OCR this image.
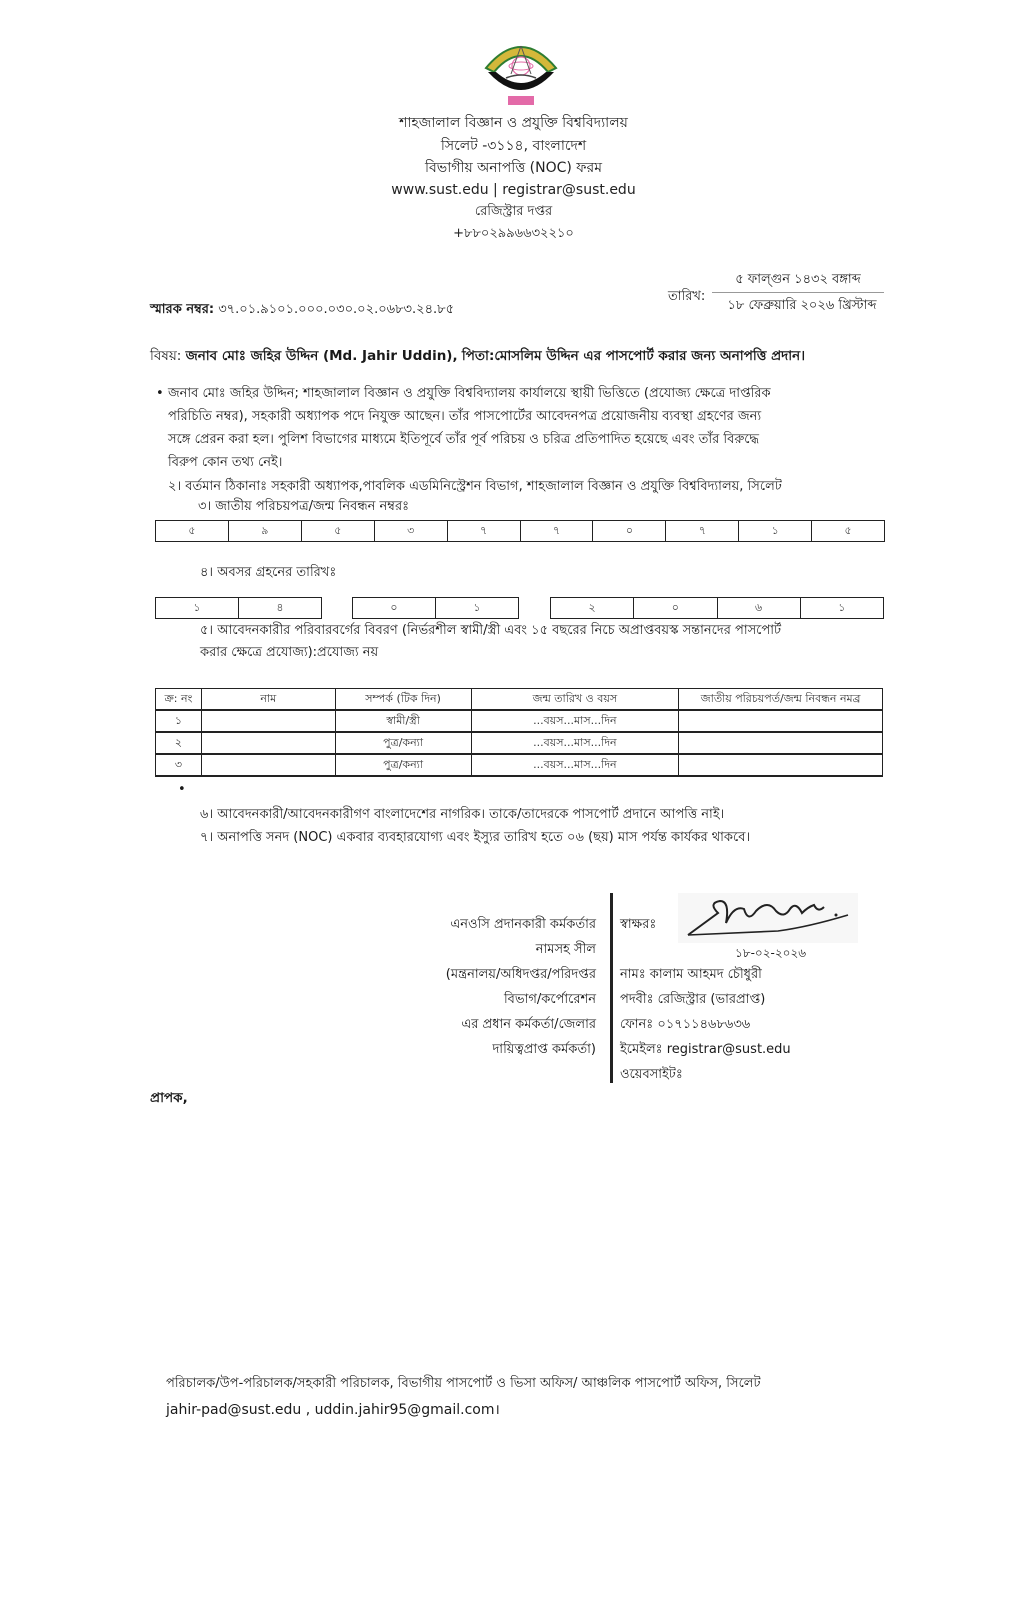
শাহজালাল বিজ্ঞান ও প্রযুক্তি বিশ্ববিদ্যালয়
সিলেট -৩১১৪, বাংলাদেশ
বিভাগীয় অনাপত্তি (NOC) ফরম
www.sust.edu | registrar@sust.edu
রেজিস্ট্রার দপ্তর
+৮৮০২৯৯৬৬৩২২১০
স্মারক নম্বর: ৩৭.০১.৯১০১.০০০.০৩০.০২.০৬৮৩.২৪.৮৫
তারিখ:
৫ ফাল্গুন ১৪৩২ বঙ্গাব্দ
১৮ ফেব্রুয়ারি ২০২৬ খ্রিস্টাব্দ
বিষয়: জনাব মোঃ জহির উদ্দিন (Md. Jahir Uddin), পিতা:মোসলিম উদ্দিন এর পাসপোর্ট করার জন্য অনাপত্তি প্রদান।
• জনাব মোঃ জহির উদ্দিন; শাহজালাল বিজ্ঞান ও প্রযুক্তি বিশ্ববিদ্যালয় কার্যালয়ে স্থায়ী ভিত্তিতে (প্রযোজ্য ক্ষেত্রে দাপ্তরিক
পরিচিতি নম্বর), সহকারী অধ্যাপক পদে নিযুক্ত আছেন। তাঁর পাসপোর্টের আবেদনপত্র প্রয়োজনীয় ব্যবস্থা গ্রহণের জন্য
সঙ্গে প্রেরন করা হল। পুলিশ বিভাগের মাধ্যমে ইতিপূর্বে তাঁর পূর্ব পরিচয় ও চরিত্র প্রতিপাদিত হয়েছে এবং তাঁর বিরুদ্ধে
বিরুপ কোন তথ্য নেই।
২। বর্তমান ঠিকানাঃ সহকারী অধ্যাপক,পাবলিক এডমিনিস্ট্রেশন বিভাগ, শাহজালাল বিজ্ঞান ও প্রযুক্তি বিশ্ববিদ্যালয়, সিলেট
৩। জাতীয় পরিচয়পত্র/জন্ম নিবন্ধন নম্বরঃ
৫	৯	৫	৩	৭	৭	০	৭	১	৫
৪। অবসর গ্রহনের তারিখঃ
১	৪	০	১	২	০	৬	১
৫। আবেদনকারীর পরিবারবর্গের বিবরণ (নির্ভরশীল স্বামী/স্ত্রী এবং ১৫ বছরের নিচে অপ্রাপ্তবয়স্ক সন্তানদের পাসপোর্ট
করার ক্ষেত্রে প্রযোজ্য):প্রযোজ্য নয়
ক্র: নং	নাম	সম্পর্ক (টিক দিন)	জন্ম তারিখ ও বয়স	জাতীয় পরিচয়পর্ত/জন্ম নিবন্ধন নমব্র
১		স্বামী/স্ত্রী	...বয়স...মাস...দিন	
২		পুত্র/কন্যা	...বয়স...মাস...দিন	
৩		পুত্র/কন্যা	...বয়স...মাস...দিন	
•
৬। আবেদনকারী/আবেদনকারীগণ বাংলাদেশের নাগরিক। তাকে/তাদেরকে পাসপোর্ট প্রদানে আপত্তি নাই।
৭। অনাপত্তি সনদ (NOC) একবার ব্যবহারযোগ্য এবং ইস্যুর তারিখ হতে ০৬ (ছয়) মাস পর্যন্ত কার্যকর থাকবে।
এনওসি প্রদানকারী কর্মকর্তার
নামসহ সীল
(মন্ত্রনালয়/অধিদপ্তর/পরিদপ্তর
বিভাগ/কর্পোরেশন
এর প্রধান কর্মকর্তা/জেলার
দায়িত্বপ্রাপ্ত কর্মকর্তা)
স্বাক্ষরঃ
নামঃ কালাম আহমদ চৌধুরী
পদবীঃ রেজিস্ট্রার (ভারপ্রাপ্ত)
ফোনঃ ০১৭১১৪৬৮৬৩৬
ইমেইলঃ registrar@sust.edu
ওয়েবসাইটঃ
১৮-০২-২০২৬
প্রাপক,
পরিচালক/উপ-পরিচালক/সহকারী পরিচালক, বিভাগীয় পাসপোর্ট ও ভিসা অফিস/ আঞ্চলিক পাসপোর্ট অফিস, সিলেট
jahir-pad@sust.edu , uddin.jahir95@gmail.com।
